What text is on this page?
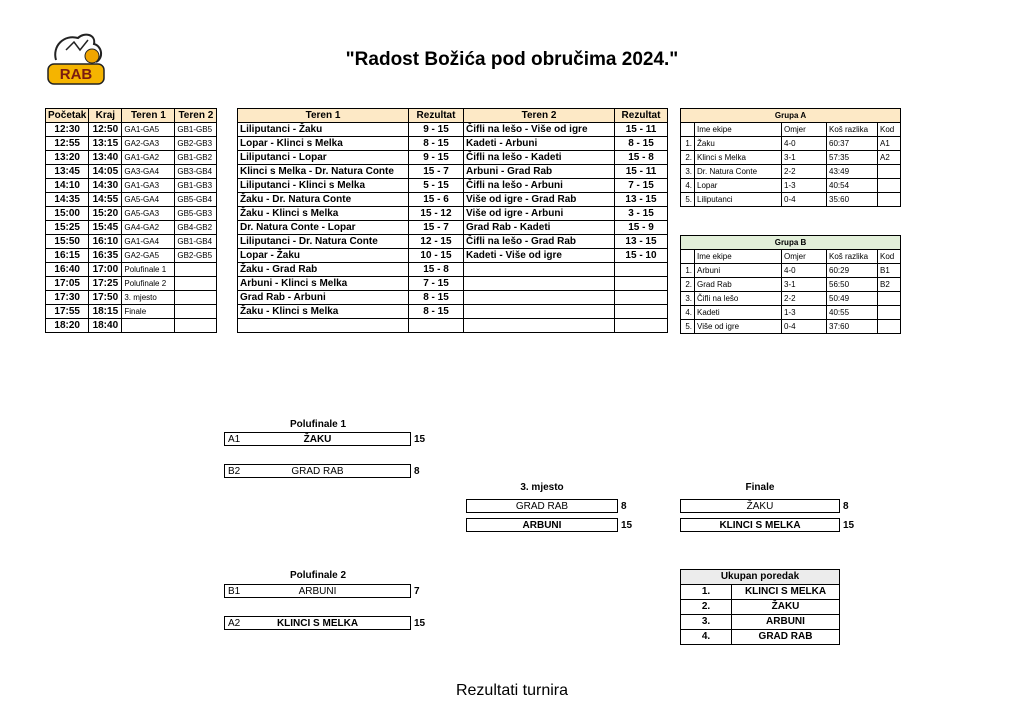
RAB
"Radost Božića pod obručima 2024."
Početak	Kraj	Teren 1	Teren 2
12:30	12:50	GA1-GA5	GB1-GB5
12:55	13:15	GA2-GA3	GB2-GB3
13:20	13:40	GA1-GA2	GB1-GB2
13:45	14:05	GA3-GA4	GB3-GB4
14:10	14:30	GA1-GA3	GB1-GB3
14:35	14:55	GA5-GA4	GB5-GB4
15:00	15:20	GA5-GA3	GB5-GB3
15:25	15:45	GA4-GA2	GB4-GB2
15:50	16:10	GA1-GA4	GB1-GB4
16:15	16:35	GA2-GA5	GB2-GB5
16:40	17:00	Polufinale 1	
17:05	17:25	Polufinale 2	
17:30	17:50	3. mjesto	
17:55	18:15	Finale	
18:20	18:40		
Teren 1	Rezultat	Teren 2	Rezultat
Liliputanci - Žaku	9 - 15	Čifli na lešo - Više od igre	15 - 11
Lopar - Klinci s Melka	8 - 15	Kadeti - Arbuni	8 - 15
Liliputanci - Lopar	9 - 15	Čifli na lešo - Kadeti	15 - 8
Klinci s Melka - Dr. Natura Conte	15 - 7	Arbuni - Grad Rab	15 - 11
Liliputanci - Klinci s Melka	5 - 15	Čifli na lešo - Arbuni	7 - 15
Žaku - Dr. Natura Conte	15 - 6	Više od igre - Grad Rab	13 - 15
Žaku - Klinci s Melka	15 - 12	Više od igre - Arbuni	3 - 15
Dr. Natura Conte - Lopar	15 - 7	Grad Rab - Kadeti	15 - 9
Liliputanci - Dr. Natura Conte	12 - 15	Čifli na lešo - Grad Rab	13 - 15
Lopar - Žaku	10 - 15	Kadeti - Više od igre	15 - 10
Žaku - Grad Rab	15 - 8		
Arbuni - Klinci s Melka	7 - 15		
Grad Rab - Arbuni	8 - 15		
Žaku - Klinci s Melka	8 - 15		

Grupa A				
	Ime ekipe	Omjer	Koš razlika	Kod
1.	Žaku	4-0	60:37	A1
2.	Klinci s Melka	3-1	57:35	A2
3.	Dr. Natura Conte	2-2	43:49	
4.	Lopar	1-3	40:54	
5.	Liliputanci	0-4	35:60	
Grupa B				
	Ime ekipe	Omjer	Koš razlika	Kod
1.	Arbuni	4-0	60:29	B1
2.	Grad Rab	3-1	56:50	B2
3.	Čifli na lešo	2-2	50:49	
4.	Kadeti	1-3	40:55	
5.	Više od igre	0-4	37:60	
Polufinale 1
A1	ŽAKU	15
B2	GRAD RAB	8
3. mjesto
GRAD RAB	8
ARBUNI	15
Finale
ŽAKU	8
KLINCI S MELKA	15
Polufinale 2
B1	ARBUNI	7
A2	KLINCI S MELKA	15
Ukupan poredak	
1.	KLINCI S MELKA
2.	ŽAKU
3.	ARBUNI
4.	GRAD RAB
Rezultati turnira
